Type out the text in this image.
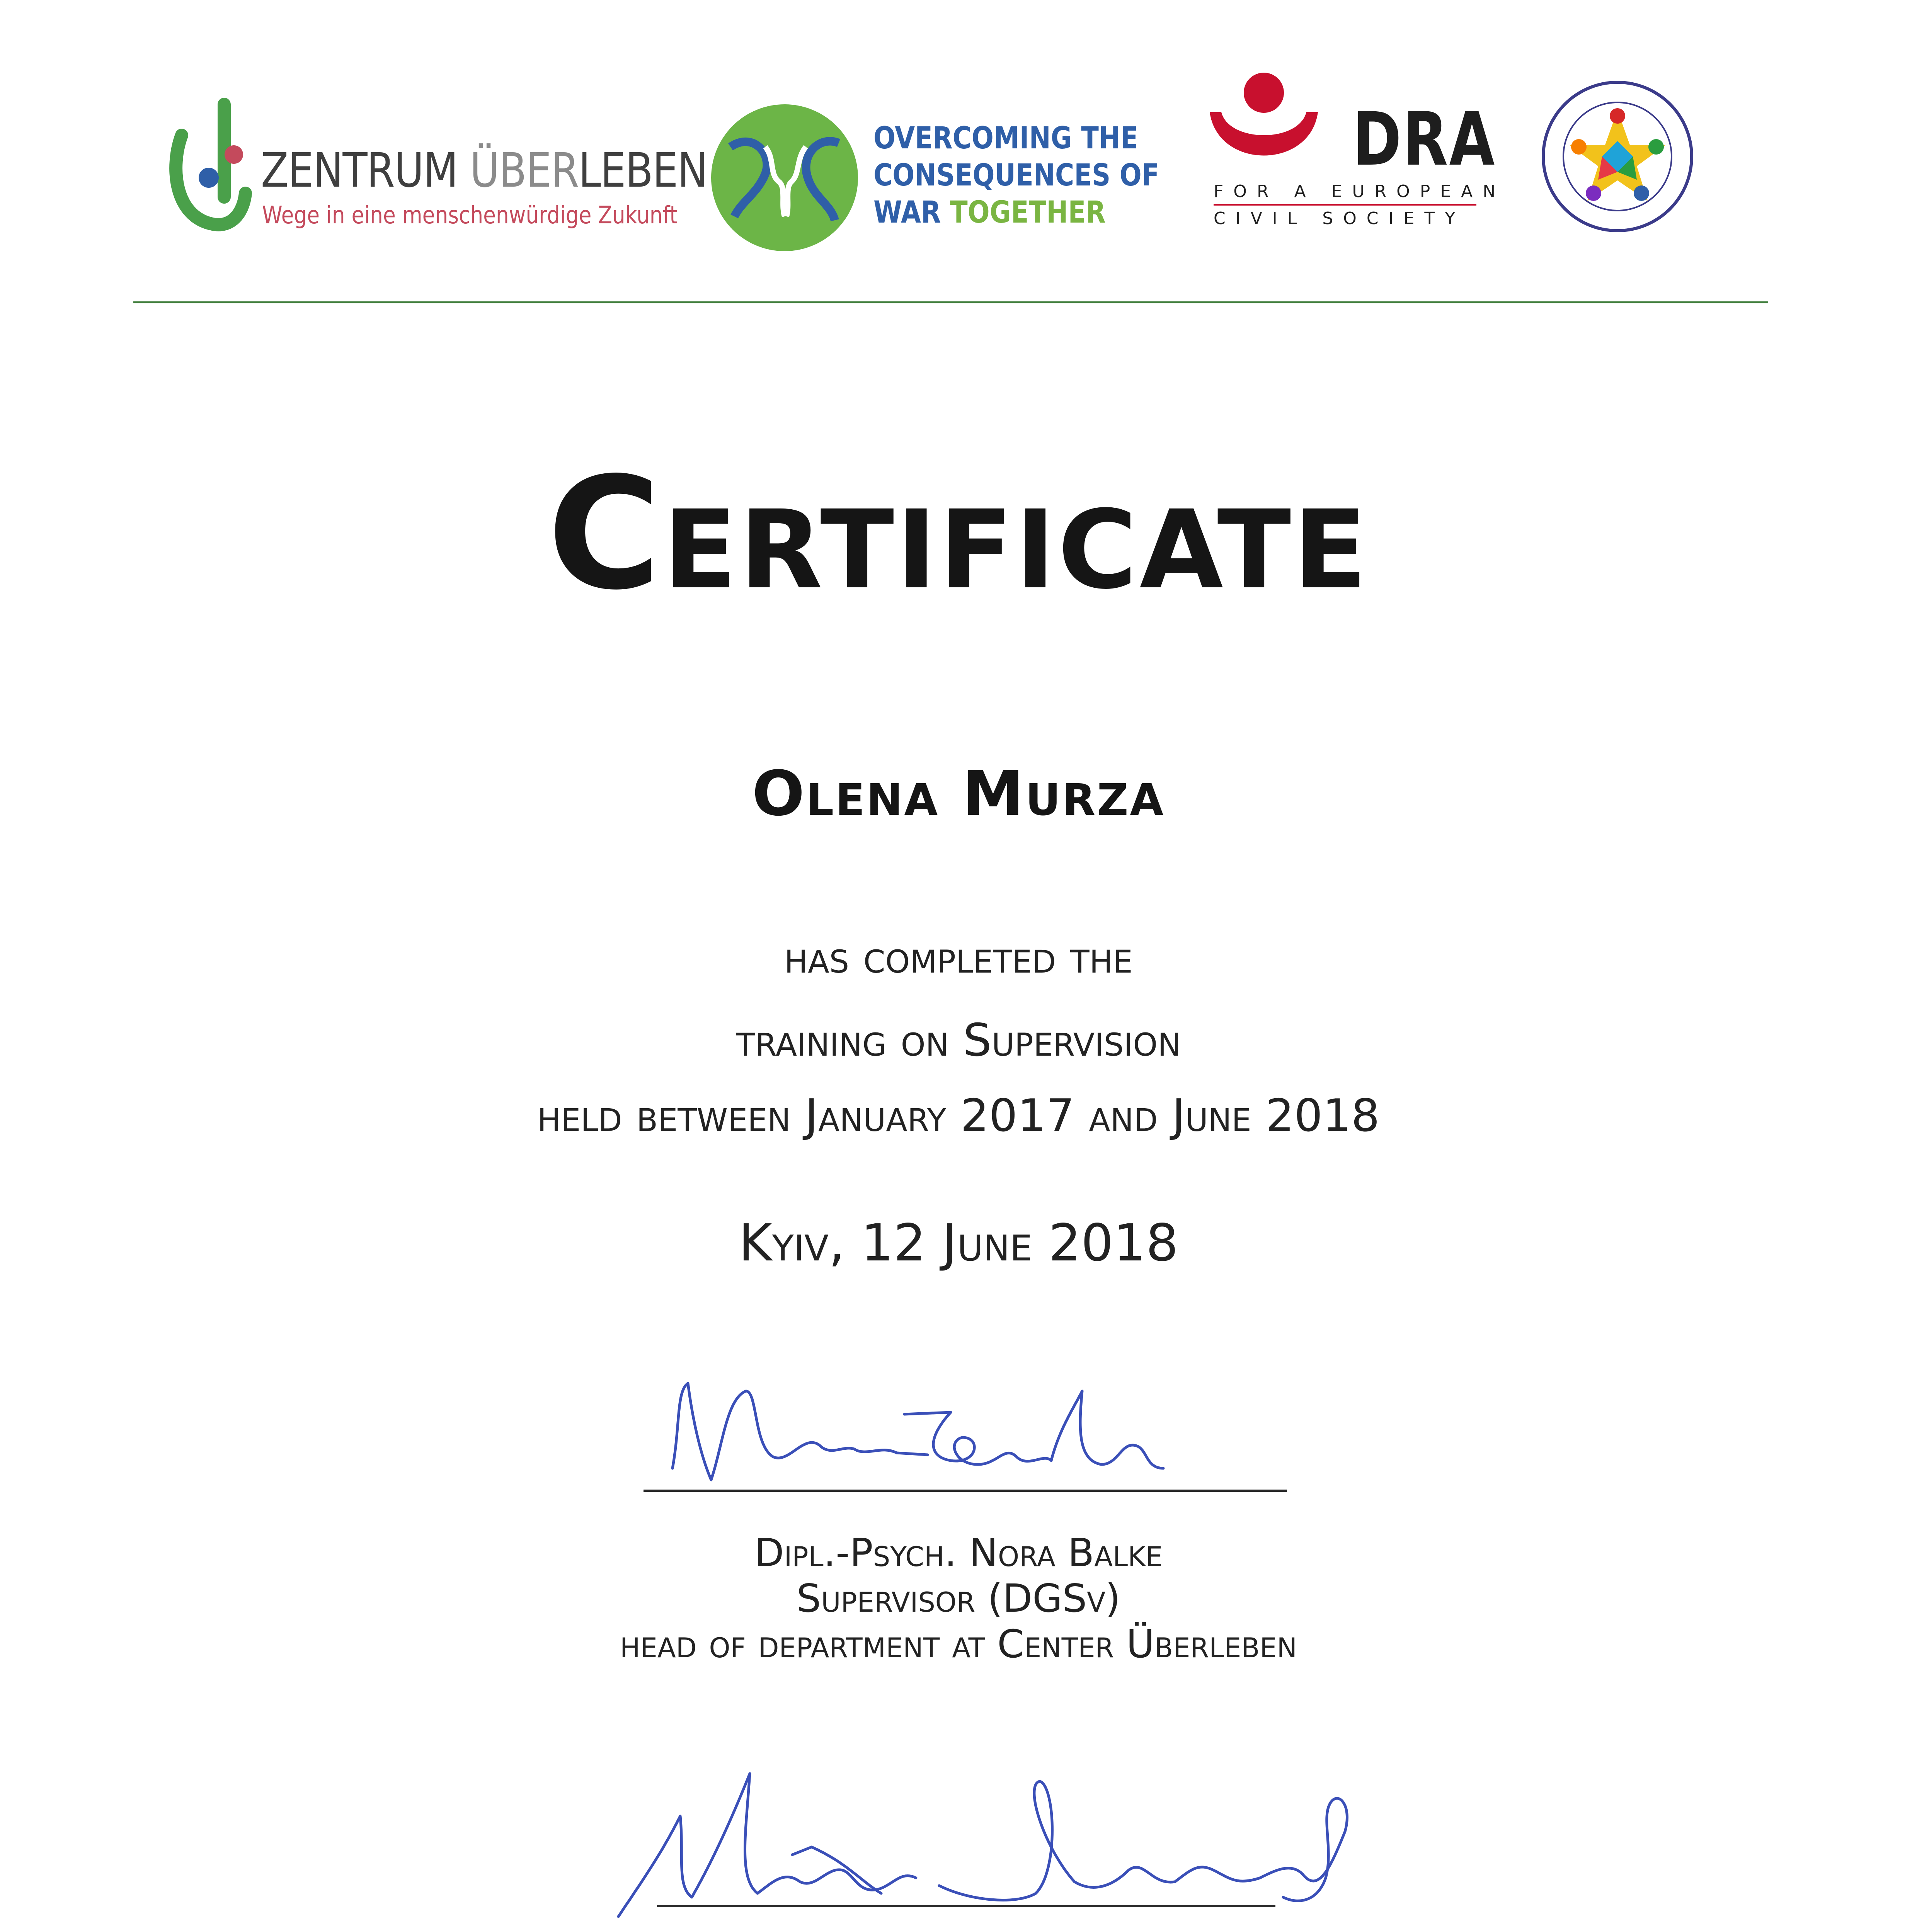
ZENTRUM ÜBERLEBEN
Wege in eine menschenwürdige Zukunft
OVERCOMING THE
CONSEQUENCES OF
WAR TOGETHER
DRA
FOR A EUROPEAN
CIVIL SOCIETY
Certificate
Olena Murza
has completed the
training on Supervision
held between January 2017 and June 2018
Kyiv, 12 June 2018
Dipl.-Psych. Nora Balke
Supervisor (DGSv)
head of department at Center Überleben
